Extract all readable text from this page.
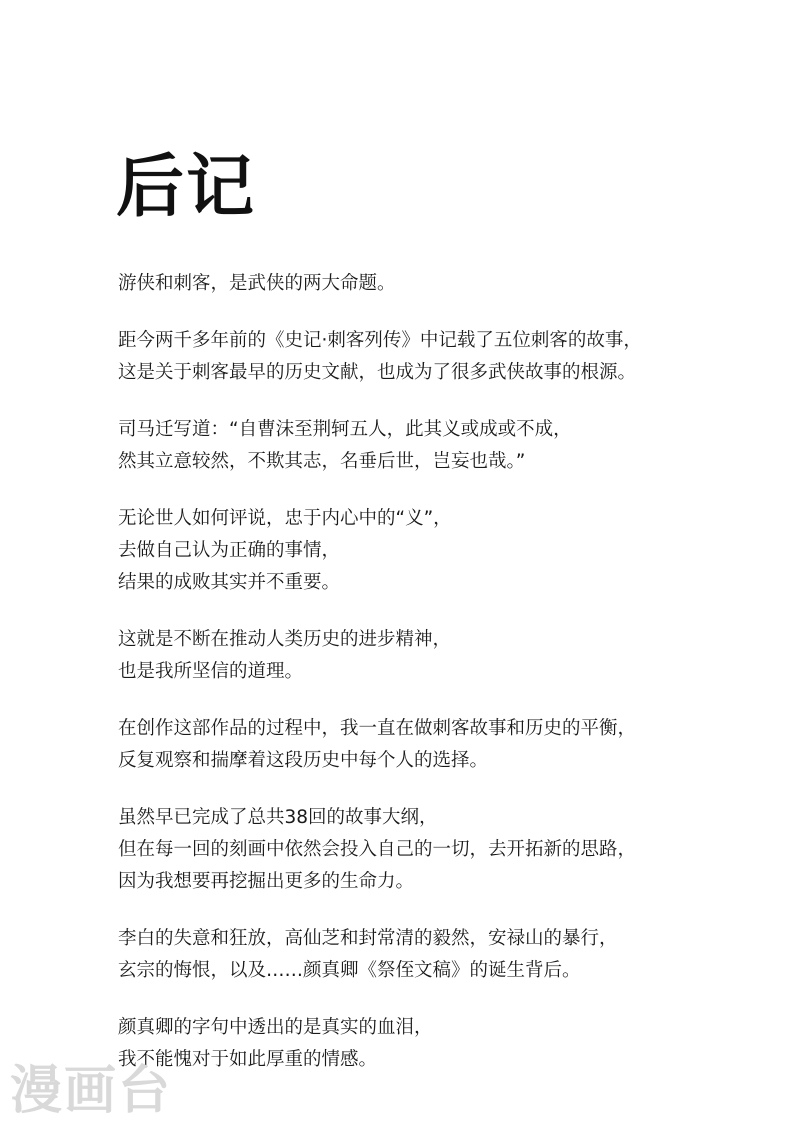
后记

游侠和刺客，是武侠的两大命题。

距今两千多年前的《史记·刺客列传》中记载了五位刺客的故事，
这是关于刺客最早的历史文献，也成为了很多武侠故事的根源。

司马迁写道：“自曹沫至荆轲五人，此其义或成或不成，
然其立意较然，不欺其志，名垂后世，岂妄也哉。”

无论世人如何评说，忠于内心中的“义”，
去做自己认为正确的事情，
结果的成败其实并不重要。

这就是不断在推动人类历史的进步精神，
也是我所坚信的道理。

在创作这部作品的过程中，我一直在做刺客故事和历史的平衡，
反复观察和揣摩着这段历史中每个人的选择。

虽然早已完成了总共38回的故事大纲，
但在每一回的刻画中依然会投入自己的一切，去开拓新的思路，
因为我想要再挖掘出更多的生命力。

李白的失意和狂放，高仙芝和封常清的毅然，安禄山的暴行，
玄宗的悔恨，以及……颜真卿《祭侄文稿》的诞生背后。

颜真卿的字句中透出的是真实的血泪，
我不能愧对于如此厚重的情感。

漫画台
